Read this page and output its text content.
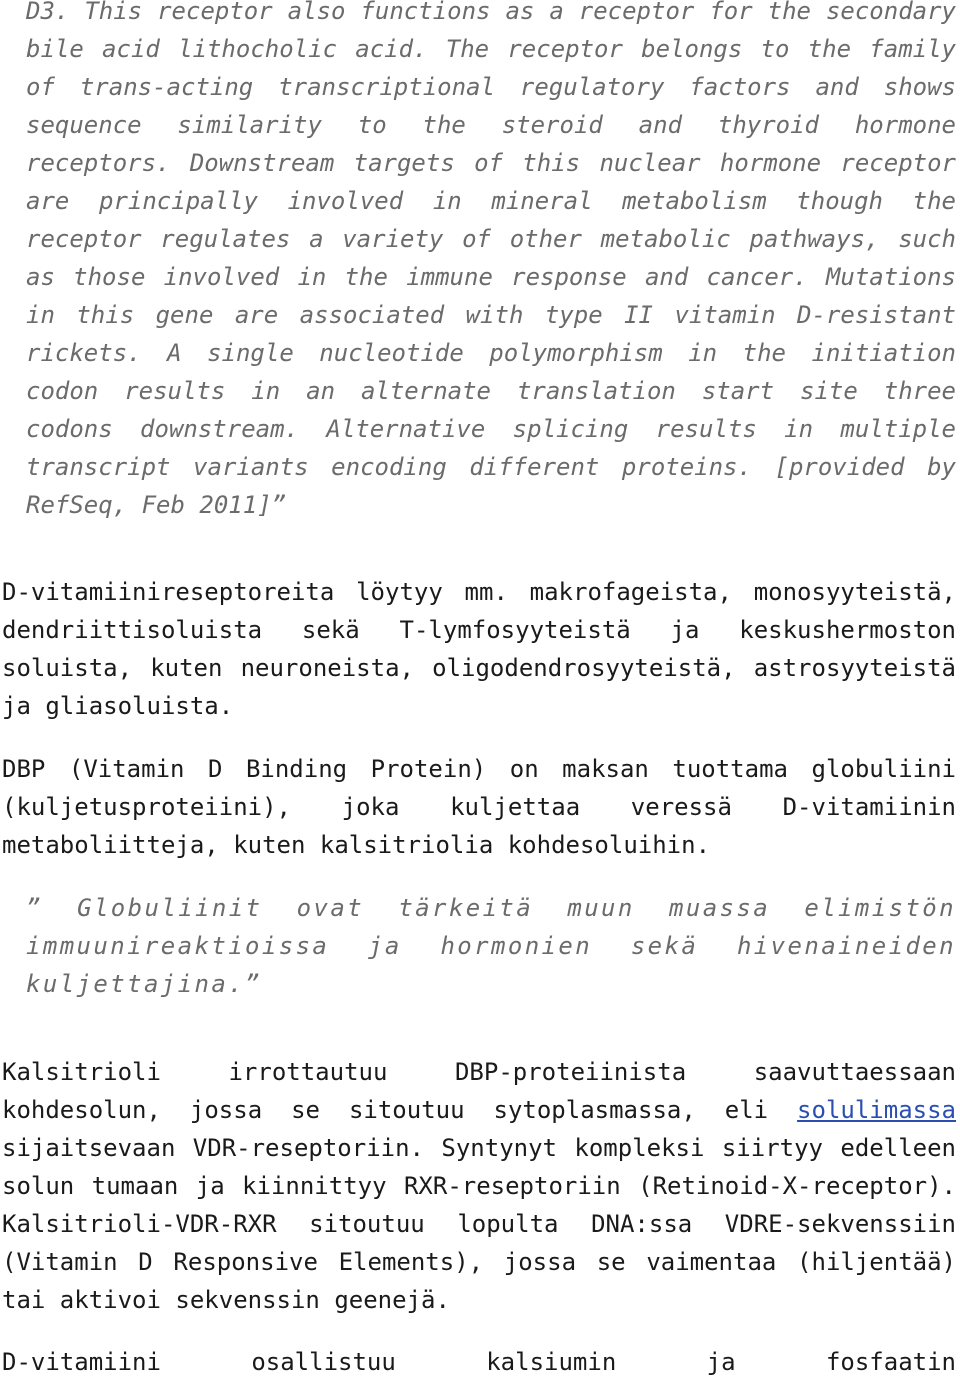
D3. This receptor also functions as a receptor for the secondary bile acid lithocholic acid. The receptor belongs to the family of trans-acting transcriptional regulatory factors and shows sequence similarity to the steroid and thyroid hormone receptors. Downstream targets of this nuclear hormone receptor are principally involved in mineral metabolism though the receptor regulates a variety of other metabolic pathways, such as those involved in the immune response and cancer. Mutations in this gene are associated with type II vitamin D-resistant rickets. A single nucleotide polymorphism in the initiation codon results in an alternate translation start site three codons downstream. Alternative splicing results in multiple transcript variants encoding different proteins. [provided by RefSeq, Feb 2011]”

D-vitamiinireseptoreita löytyy mm. makrofageista, monosyyteistä, dendriittisoluista sekä T-lymfosyyteistä ja keskushermoston soluista, kuten neuroneista, oligodendrosyyteistä, astrosyyteistä ja gliasoluista.

DBP (Vitamin D Binding Protein) on maksan tuottama globuliini (kuljetusproteiini), joka kuljettaa veressä D-vitamiinin metaboliitteja, kuten kalsitriolia kohdesoluihin.

” Globuliinit ovat tärkeitä muun muassa elimistön immuunireaktioissa ja hormonien sekä hivenaineiden kuljettajina.”

Kalsitrioli irrottautuu DBP-proteiinista saavuttaessaan kohdesolun, jossa se sitoutuu sytoplasmassa, eli solulimassa sijaitsevaan VDR-reseptoriin. Syntynyt kompleksi siirtyy edelleen solun tumaan ja kiinnittyy RXR-reseptoriin (Retinoid-X-receptor). Kalsitrioli-VDR-RXR sitoutuu lopulta DNA:ssa VDRE-sekvenssiin (Vitamin D Responsive Elements), jossa se vaimentaa (hiljentää) tai aktivoi sekvenssin geenejä.

D-vitamiini osallistuu kalsiumin ja fosfaatin
